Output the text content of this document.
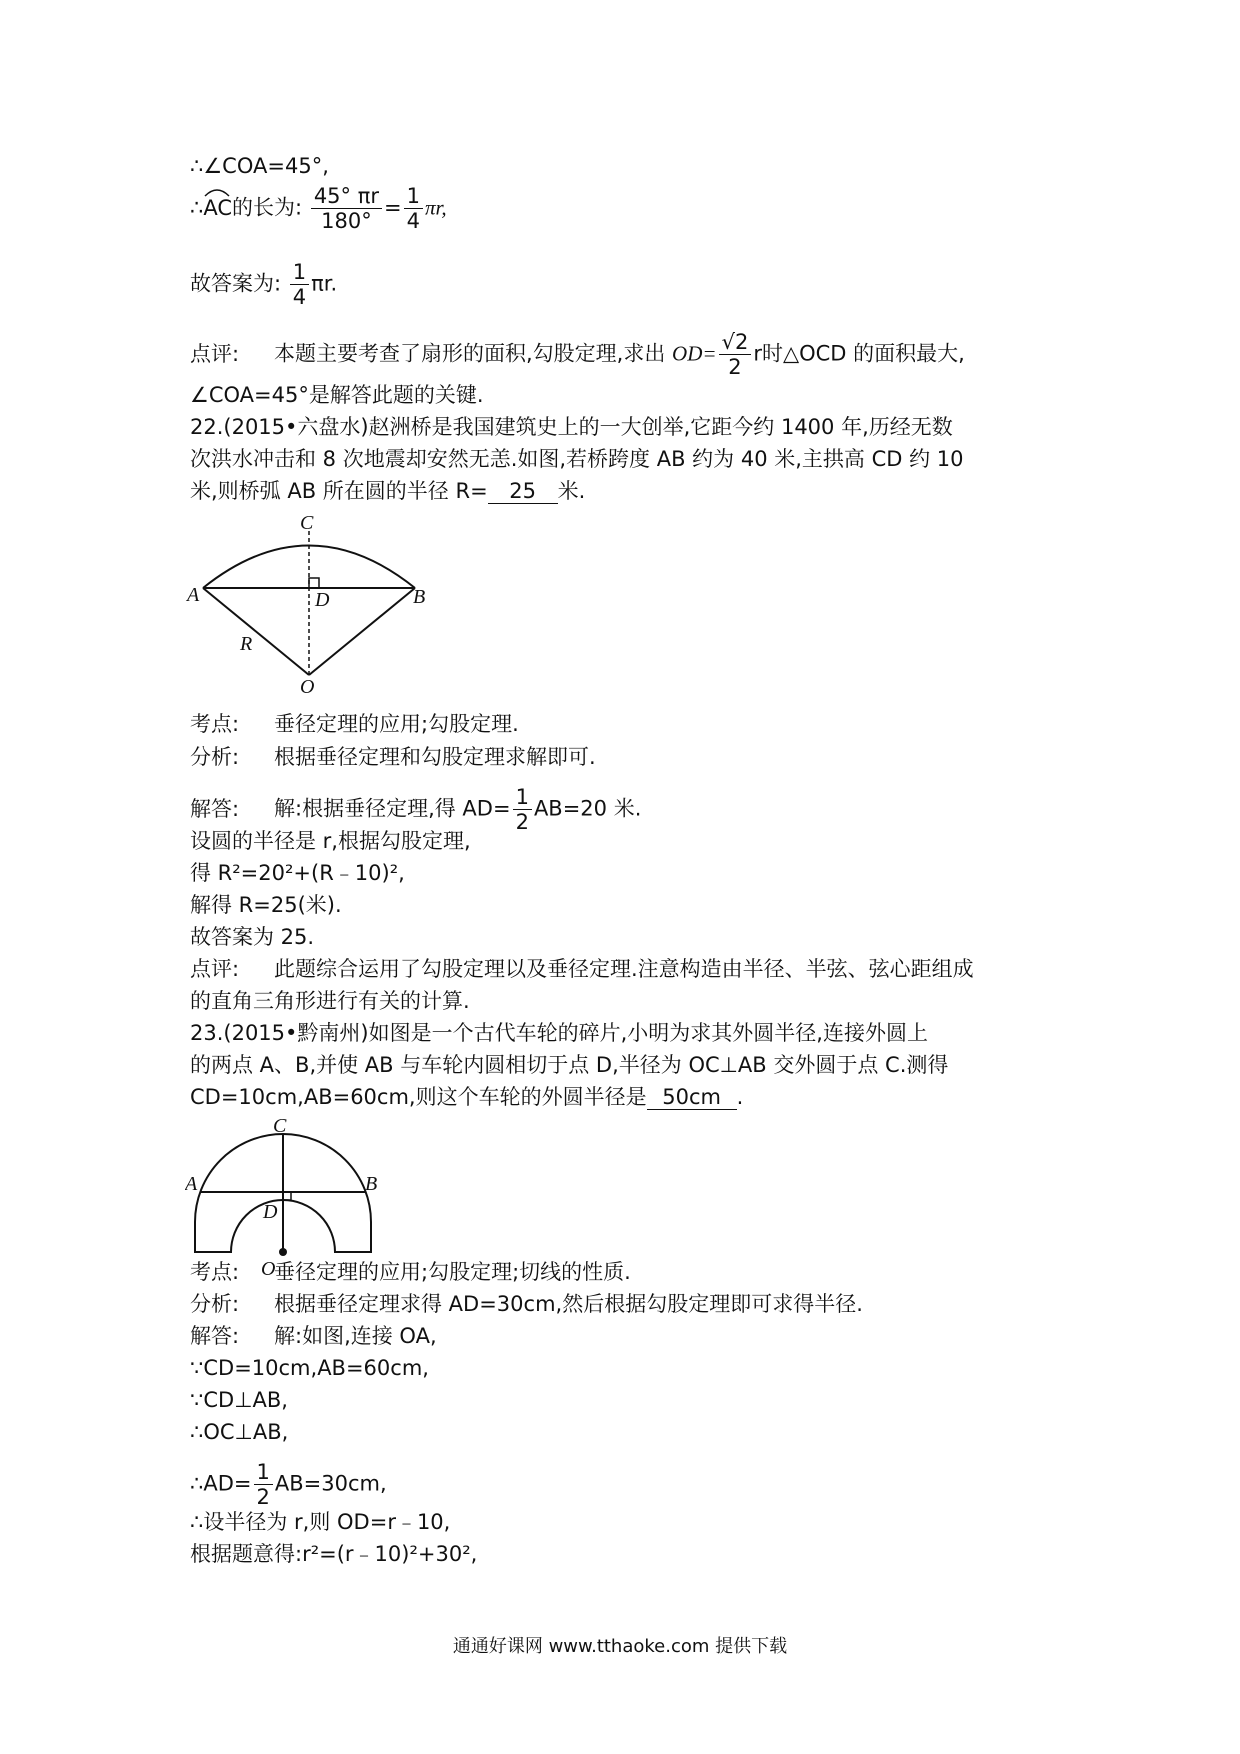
∴∠COA=45°,
∴
AC的长为: $\frac{45^\circ \pi r}{180^\circ} = \frac{1}{4} \pi r$,
故答案为: $\frac{1}{4} \pi r$.
点评: 本题主要考查了扇形的面积,勾股定理,求出 $OD= \frac{√2}{2}$ r时△OCD 的面积最大,
∠COA=45°是解答此题的关键.
22.(2015•六盘水)赵洲桥是我国建筑史上的一大创举,它距今约 1400 年,历经无数
次洪水冲击和 8 次地震却安然无恙.如图,若桥跨度 AB 约为 40 米,主拱高 CD 约 10
米,则桥弧 AB 所在圆的半径 R= 25 米.
C
A	B
D
R
O
考点: 垂径定理的应用;勾股定理.
分析: 根据垂径定理和勾股定理求解即可.
解答: 解:根据垂径定理,得 $AD= \frac{1}{2} AB=20$ 米.
设圆的半径是 r,根据勾股定理,
得 R²=20²+(R﹣10)²,
解得 R=25(米).
故答案为 25.
点评: 此题综合运用了勾股定理以及垂径定理.注意构造由半径、半弦、弦心距组成
的直角三角形进行有关的计算.
23.(2015•黔南州)如图是一个古代车轮的碎片,小明为求其外圆半径,连接外圆上
的两点 A、B,并使 AB 与车轮内圆相切于点 D,半径为 OC⊥AB 交外圆于点 C.测得
CD=10cm,AB=60cm,则这个车轮的外圆半径是 50cm .
C
A	B
D
O
考点: 垂径定理的应用;勾股定理;切线的性质.
分析: 根据垂径定理求得 AD=30cm,然后根据勾股定理即可求得半径.
解答: 解:如图,连接 OA,
∵CD=10cm,AB=60cm,
∵CD⊥AB,
∴OC⊥AB,
∴AD= $\frac{1}{2} AB=30cm$,
∴设半径为 r,则 OD=r﹣10,
根据题意得:r²=(r﹣10)²+30²,
通通好课网 www.tthaoke.com 提供下载
